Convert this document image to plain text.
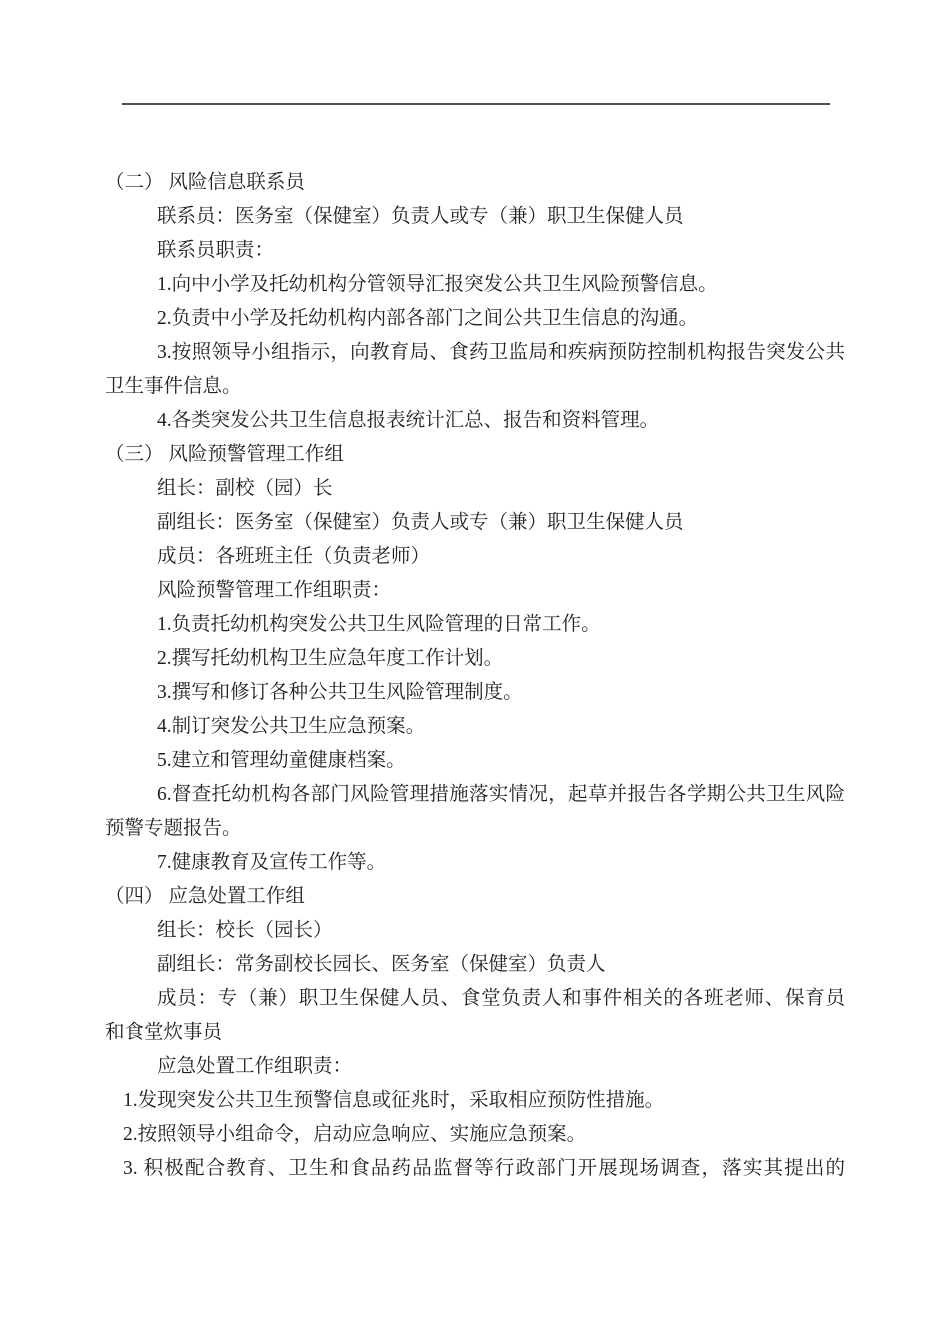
（二） 风险信息联系员
联系员：医务室（保健室）负责人或专（兼）职卫生保健人员
联系员职责：
1.向中小学及托幼机构分管领导汇报突发公共卫生风险预警信息。
2.负责中小学及托幼机构内部各部门之间公共卫生信息的沟通。
3.按照领导小组指示，向教育局、食药卫监局和疾病预防控制机构报告突发公共
卫生事件信息。
4.各类突发公共卫生信息报表统计汇总、报告和资料管理。
（三） 风险预警管理工作组
组长：副校（园）长
副组长：医务室（保健室）负责人或专（兼）职卫生保健人员
成员：各班班主任（负责老师）
风险预警管理工作组职责：
1.负责托幼机构突发公共卫生风险管理的日常工作。
2.撰写托幼机构卫生应急年度工作计划。
3.撰写和修订各种公共卫生风险管理制度。
4.制订突发公共卫生应急预案。
5.建立和管理幼童健康档案。
6.督查托幼机构各部门风险管理措施落实情况，起草并报告各学期公共卫生风险
预警专题报告。
7.健康教育及宣传工作等。
（四） 应急处置工作组
组长：校长（园长）
副组长：常务副校长园长、医务室（保健室）负责人
成员：专（兼）职卫生保健人员、食堂负责人和事件相关的各班老师、保育员
和食堂炊事员
应急处置工作组职责：
1.发现突发公共卫生预警信息或征兆时，采取相应预防性措施。
2.按照领导小组命令，启动应急响应、实施应急预案。
3. 积极配合教育、卫生和食品药品监督等行政部门开展现场调查，落实其提出的
